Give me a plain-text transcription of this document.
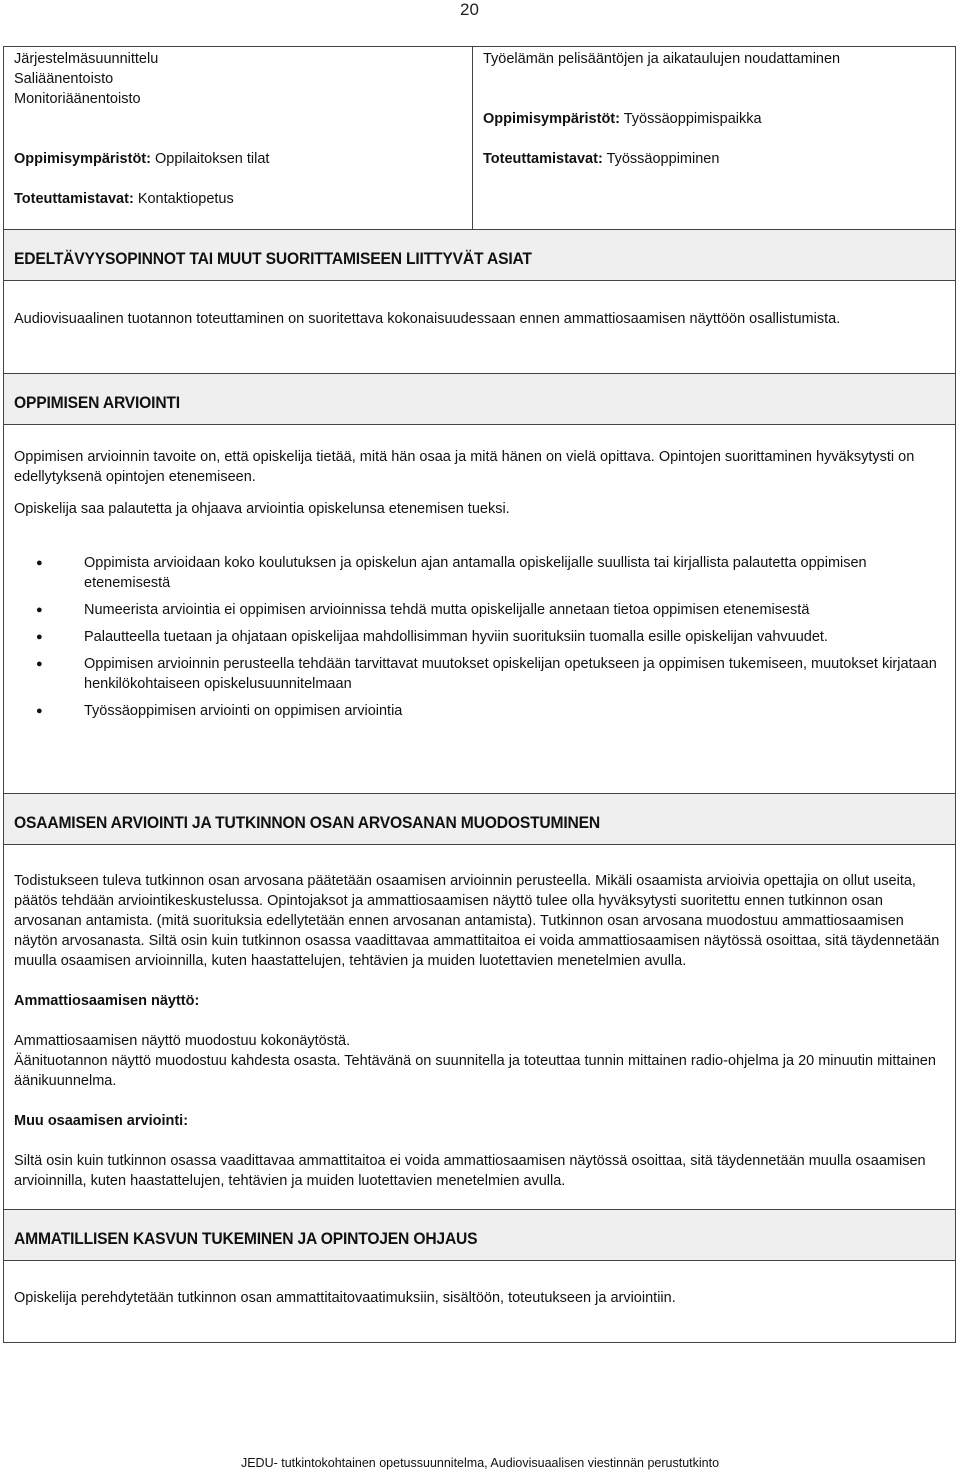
20

Järjestelmäsuunnittelu

Saliäänentoisto

Monitoriäänentoisto

Oppimisympäristöt: Oppilaitoksen tilat

Toteuttamistavat: Kontaktiopetus

Työelämän pelisääntöjen ja aikataulujen noudattaminen

Oppimisympäristöt: Työssäoppimispaikka

Toteuttamistavat: Työssäoppiminen

EDELTÄVYYSOPINNOT TAI MUUT SUORITTAMISEEN LIITTYVÄT ASIAT

Audiovisuaalinen tuotannon toteuttaminen on suoritettava kokonaisuudessaan ennen ammattiosaamisen näyttöön osallistumista.

OPPIMISEN ARVIOINTI

Oppimisen arvioinnin tavoite on, että opiskelija tietää, mitä hän osaa ja mitä hänen on vielä opittava. Opintojen suorittaminen hyväksytysti on edellytyksenä opintojen etenemiseen.

Opiskelija saa palautetta ja ohjaava arviointia opiskelunsa etenemisen tueksi.

● Oppimista arvioidaan koko koulutuksen ja opiskelun ajan antamalla opiskelijalle suullista tai kirjallista palautetta oppimisen etenemisestä
● Numeerista arviointia ei oppimisen arvioinnissa tehdä mutta opiskelijalle annetaan tietoa oppimisen etenemisestä
● Palautteella tuetaan ja ohjataan opiskelijaa mahdollisimman hyviin suorituksiin tuomalla esille opiskelijan vahvuudet.
● Oppimisen arvioinnin perusteella tehdään tarvittavat muutokset opiskelijan opetukseen ja oppimisen tukemiseen, muutokset kirjataan henkilökohtaiseen opiskelusuunnitelmaan
● Työssäoppimisen arviointi on oppimisen arviointia

OSAAMISEN ARVIOINTI JA TUTKINNON OSAN ARVOSANAN MUODOSTUMINEN

Todistukseen tuleva tutkinnon osan arvosana päätetään osaamisen arvioinnin perusteella. Mikäli osaamista arvioivia opettajia on ollut useita, päätös tehdään arviointikeskustelussa. Opintojaksot ja ammattiosaamisen näyttö tulee olla hyväksytysti suoritettu ennen tutkinnon osan arvosanan antamista. (mitä suorituksia edellytetään ennen arvosanan antamista). Tutkinnon osan arvosana muodostuu ammattiosaamisen näytön arvosanasta. Siltä osin kuin tutkinnon osassa vaadittavaa ammattitaitoa ei voida ammattiosaamisen näytössä osoittaa, sitä täydennetään muulla osaamisen arvioinnilla, kuten haastattelujen, tehtävien ja muiden luotettavien menetelmien avulla.

Ammattiosaamisen näyttö:

Ammattiosaamisen näyttö muodostuu kokonäytöstä.

Äänituotannon näyttö muodostuu kahdesta osasta. Tehtävänä on suunnitella ja toteuttaa tunnin mittainen radio-ohjelma ja 20 minuutin mittainen äänikuunnelma.

Muu osaamisen arviointi:

Siltä osin kuin tutkinnon osassa vaadittavaa ammattitaitoa ei voida ammattiosaamisen näytössä osoittaa, sitä täydennetään muulla osaamisen arvioinnilla, kuten haastattelujen, tehtävien ja muiden luotettavien menetelmien avulla.

AMMATILLISEN KASVUN TUKEMINEN JA OPINTOJEN OHJAUS

Opiskelija perehdytetään tutkinnon osan ammattitaitovaatimuksiin, sisältöön, toteutukseen ja arviointiin.

JEDU- tutkintokohtainen opetussuunnitelma, Audiovisuaalisen viestinnän perustutkinto
